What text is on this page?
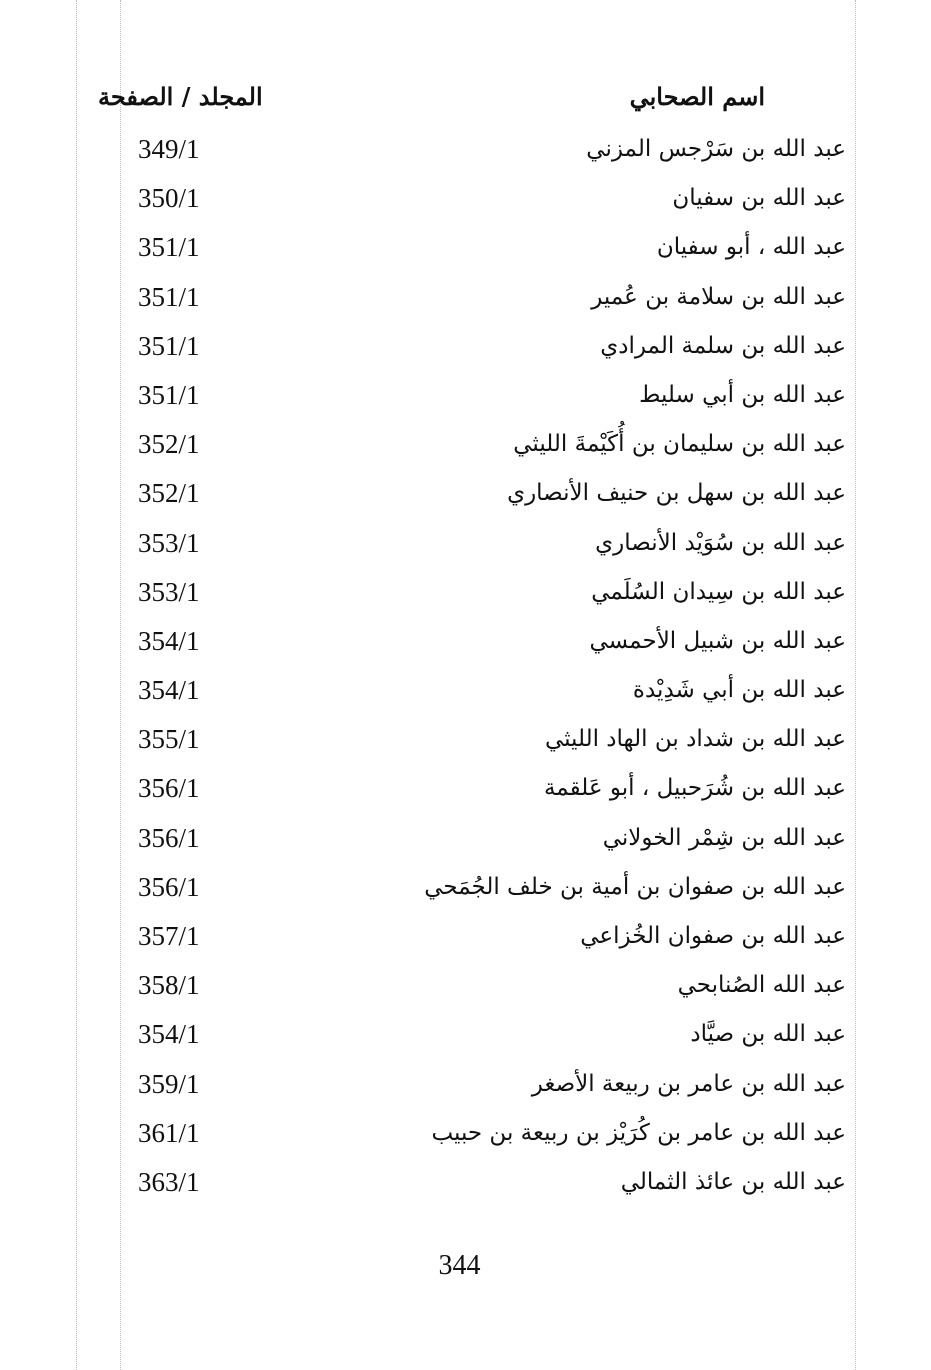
اسم الصحابي
المجلد / الصفحة
عبد الله بن سَرْجس المزني
349/1
عبد الله بن سفيان
350/1
عبد الله ، أبو سفيان
351/1
عبد الله بن سلامة بن عُمير
351/1
عبد الله بن سلمة المرادي
351/1
عبد الله بن أبي سليط
351/1
عبد الله بن سليمان بن أُكَيْمةَ الليثي
352/1
عبد الله بن سهل بن حنيف الأنصاري
352/1
عبد الله بن سُوَيْد الأنصاري
353/1
عبد الله بن سِيدان السُلَمي
353/1
عبد الله بن شبيل الأحمسي
354/1
عبد الله بن أبي شَدِيْدة
354/1
عبد الله بن شداد بن الهاد الليثي
355/1
عبد الله بن شُرَحبيل ، أبو عَلقمة
356/1
عبد الله بن شِمْر الخولاني
356/1
عبد الله بن صفوان بن أمية بن خلف الجُمَحي
356/1
عبد الله بن صفوان الخُزاعي
357/1
عبد الله الصُنابحي
358/1
عبد الله بن صيَّاد
354/1
عبد الله بن عامر بن ربيعة الأصغر
359/1
عبد الله بن عامر بن كُرَيْز بن ربيعة بن حبيب
361/1
عبد الله بن عائذ الثمالي
363/1
344
